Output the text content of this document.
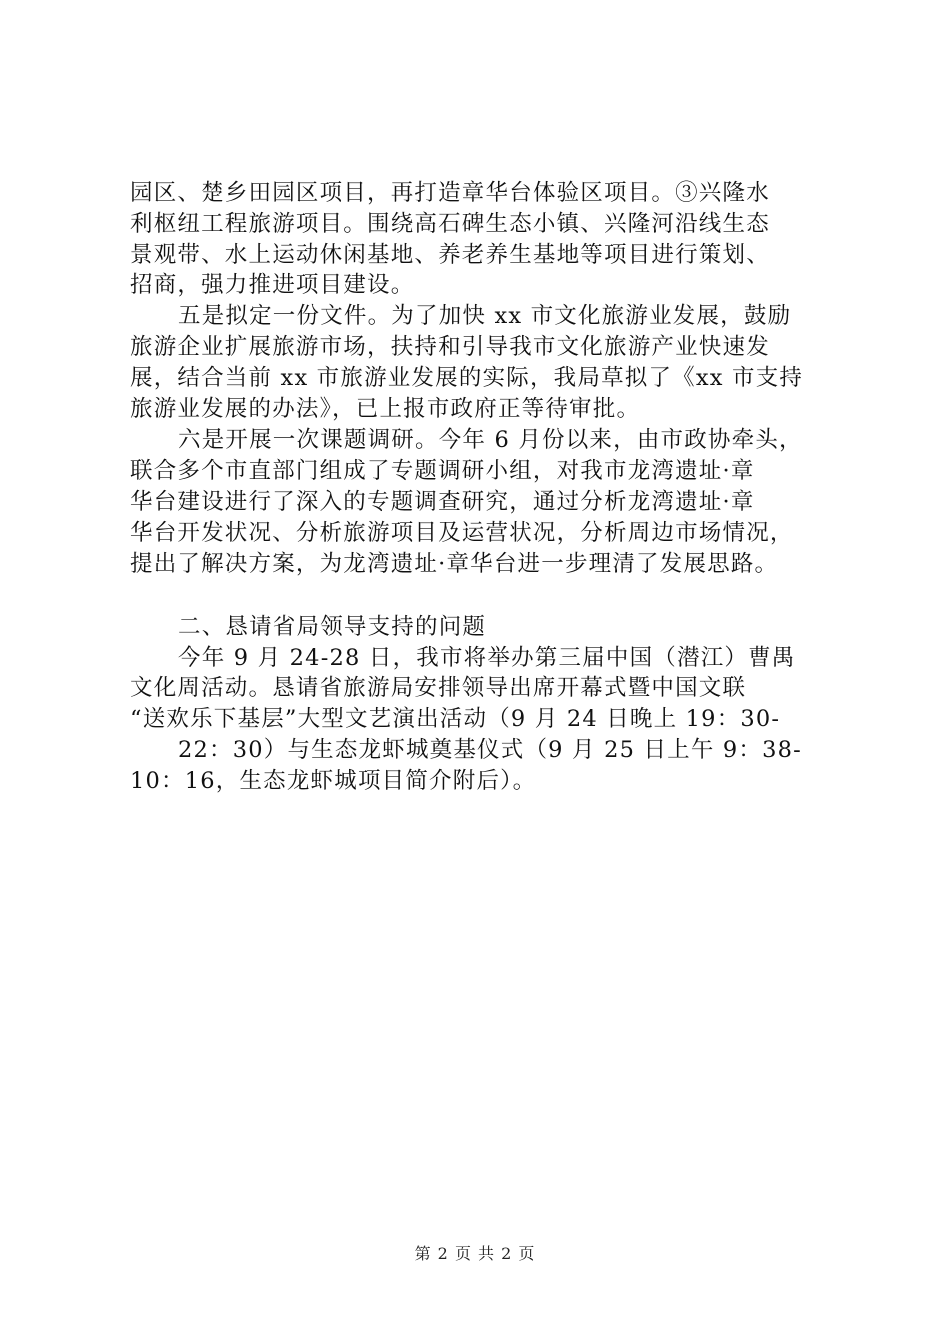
园区、楚乡田园区项目，再打造章华台体验区项目。③兴隆水
利枢纽工程旅游项目。围绕高石碑生态小镇、兴隆河沿线生态
景观带、水上运动休闲基地、养老养生基地等项目进行策划、
招商，强力推进项目建设。
五是拟定一份文件。为了加快 xx 市文化旅游业发展，鼓励
旅游企业扩展旅游市场，扶持和引导我市文化旅游产业快速发
展，结合当前 xx 市旅游业发展的实际，我局草拟了《xx 市支持
旅游业发展的办法》，已上报市政府正等待审批。
六是开展一次课题调研。今年 6 月份以来，由市政协牵头，
联合多个市直部门组成了专题调研小组，对我市龙湾遗址·章
华台建设进行了深入的专题调查研究，通过分析龙湾遗址·章
华台开发状况、分析旅游项目及运营状况，分析周边市场情况，
提出了解决方案，为龙湾遗址·章华台进一步理清了发展思路。
二、恳请省局领导支持的问题
今年 9 月 24-28 日，我市将举办第三届中国（潜江）曹禺
文化周活动。恳请省旅游局安排领导出席开幕式暨中国文联
“送欢乐下基层”大型文艺演出活动（9 月 24 日晚上 19：30-
22：30）与生态龙虾城奠基仪式（9 月 25 日上午 9：38-
10：16，生态龙虾城项目简介附后）。
第 2 页 共 2 页
